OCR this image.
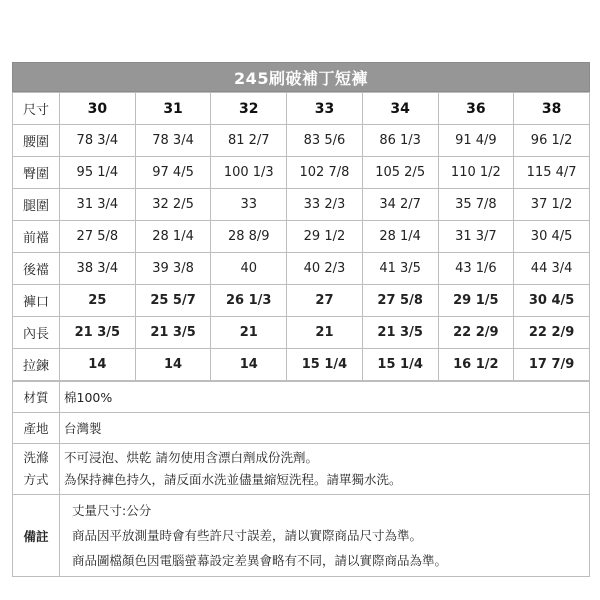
245刷破補丁短褲
尺寸	30	31	32	33	34	36	38
腰圍	78 3/4	78 3/4	81 2/7	83 5/6	86 1/3	91 4/9	96 1/2
臀圍	95 1/4	97 4/5	100 1/3	102 7/8	105 2/5	110 1/2	115 4/7
腿圍	31 3/4	32 2/5	33	33 2/3	34 2/7	35 7/8	37 1/2
前襠	27 5/8	28 1/4	28 8/9	29 1/2	28 1/4	31 3/7	30 4/5
後襠	38 3/4	39 3/8	40	40 2/3	41 3/5	43 1/6	44 3/4
褲口	25	25 5/7	26 1/3	27	27 5/8	29 1/5	30 4/5
內長	21 3/5	21 3/5	21	21	21 3/5	22 2/9	22 2/9
拉鍊	14	14	14	15 1/4	15 1/4	16 1/2	17 7/9
材質	棉100%
產地	台灣製

洗滌
方式	不可浸泡、烘乾 請勿使用含漂白劑成份洗劑。
為保持褲色持久，請反面水洗並儘量縮短洗程。請單獨水洗。

備註	丈量尺寸:公分
商品因平放測量時會有些許尺寸誤差，請以實際商品尺寸為準。
商品圖檔顏色因電腦螢幕設定差異會略有不同，請以實際商品為準。
